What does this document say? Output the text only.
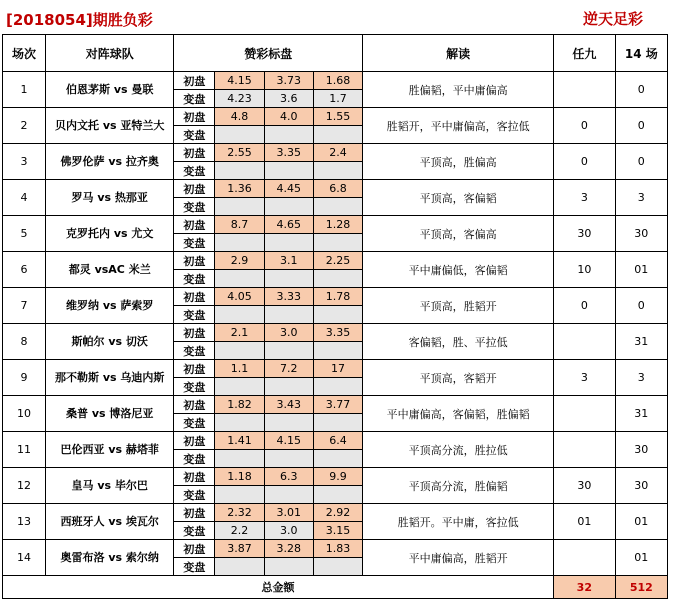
[2018054]期胜负彩	逆天足彩
场次	对阵球队	赞彩标盘				解读	任九	14 场
1	伯恩茅斯 vs 曼联	初盘	4.15	3.73	1.68	胜偏韬，平中庸偏高		0
		变盘	4.23	3.6	1.7			
2	贝内文托 vs 亚特兰大	初盘	4.8	4.0	1.55	胜韬开，平中庸偏高，客拉低	0	0
		变盘						
3	佛罗伦萨 vs 拉齐奥	初盘	2.55	3.35	2.4	平顶高，胜偏高	0	0
		变盘						
4	罗马 vs 热那亚	初盘	1.36	4.45	6.8	平顶高，客偏韬	3	3
		变盘						
5	克罗托内 vs 尤文	初盘	8.7	4.65	1.28	平顶高，客偏高	30	30
		变盘						
6	都灵 vsAC 米兰	初盘	2.9	3.1	2.25	平中庸偏低，客偏韬	10	01
		变盘						
7	维罗纳 vs 萨索罗	初盘	4.05	3.33	1.78	平顶高，胜韬开	0	0
		变盘						
8	斯帕尔 vs 切沃	初盘	2.1	3.0	3.35	客偏韬，胜、平拉低		31
		变盘						
9	那不勒斯 vs 乌迪内斯	初盘	1.1	7.2	17	平顶高，客韬开	3	3
		变盘						
10	桑普 vs 博洛尼亚	初盘	1.82	3.43	3.77	平中庸偏高，客偏韬，胜偏韬		31
		变盘						
11	巴伦西亚 vs 赫塔菲	初盘	1.41	4.15	6.4	平顶高分流，胜拉低		30
		变盘						
12	皇马 vs 毕尔巴	初盘	1.18	6.3	9.9	平顶高分流，胜偏韬	30	30
		变盘						
13	西班牙人 vs 埃瓦尔	初盘	2.32	3.01	2.92	胜韬开。平中庸，客拉低	01	01
		变盘	2.2	3.0	3.15			
14	奥雷布洛 vs 索尔纳	初盘	3.87	3.28	1.83	平中庸偏高，胜韬开		01
		变盘						
总金额							32	512
